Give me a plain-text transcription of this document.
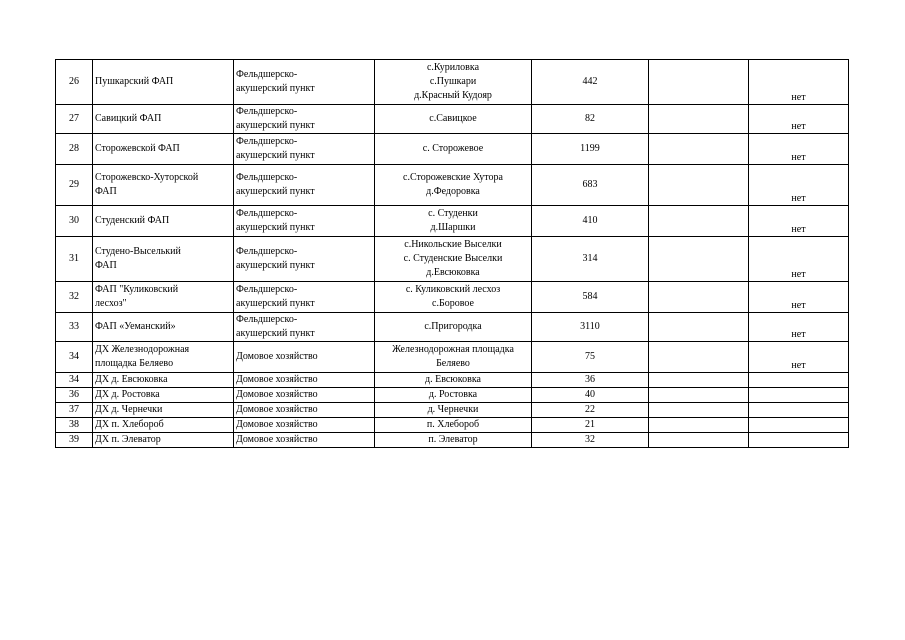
26	Пушкарский ФАП	Фельдшерско-
акушерский пункт	с.Куриловка
с.Пушкари
д.Красный Кудояр	442		нет

27	Савицкий ФАП	Фельдшерско-
акушерский пункт	с.Савицкое	82		нет

28	Сторожевской ФАП	Фельдшерско-
акушерский пункт	с. Сторожевое	1199		нет

29	Сторожевско-Хуторской
ФАП	Фельдшерско-
акушерский пункт	с.Сторожевские Хутора
д.Федоровка	683		нет

30	Студенский ФАП	Фельдшерско-
акушерский пункт	с. Студенки
д.Шаршки	410		нет

31	Студено-Выселький
ФАП	Фельдшерско-
акушерский пункт	с.Никольские Выселки
с. Студенские Выселки
д.Евсюковка	314		нет

32	ФАП "Куликовский
лесхоз"	Фельдшерско-
акушерский пункт	с. Куликовский лесхоз
с.Боровое	584		нет

33	ФАП «Уеманский»	Фельдшерско-
акушерский пункт	с.Пригородка	3110		нет

34	ДХ Железнодорожная
площадка Беляево	Домовое хозяйство	Железнодорожная площадка
Беляево	75		нет

34	ДХ д. Евсюковка	Домовое хозяйство	д. Евсюковка	36		

36	ДХ д. Ростовка	Домовое хозяйство	д. Ростовка	40		

37	ДХ д. Чернечки	Домовое хозяйство	д. Чернечки	22		

38	ДХ п. Хлебороб	Домовое хозяйство	п. Хлебороб	21		

39	ДХ п. Элеватор	Домовое хозяйство	п. Элеватор	32		
